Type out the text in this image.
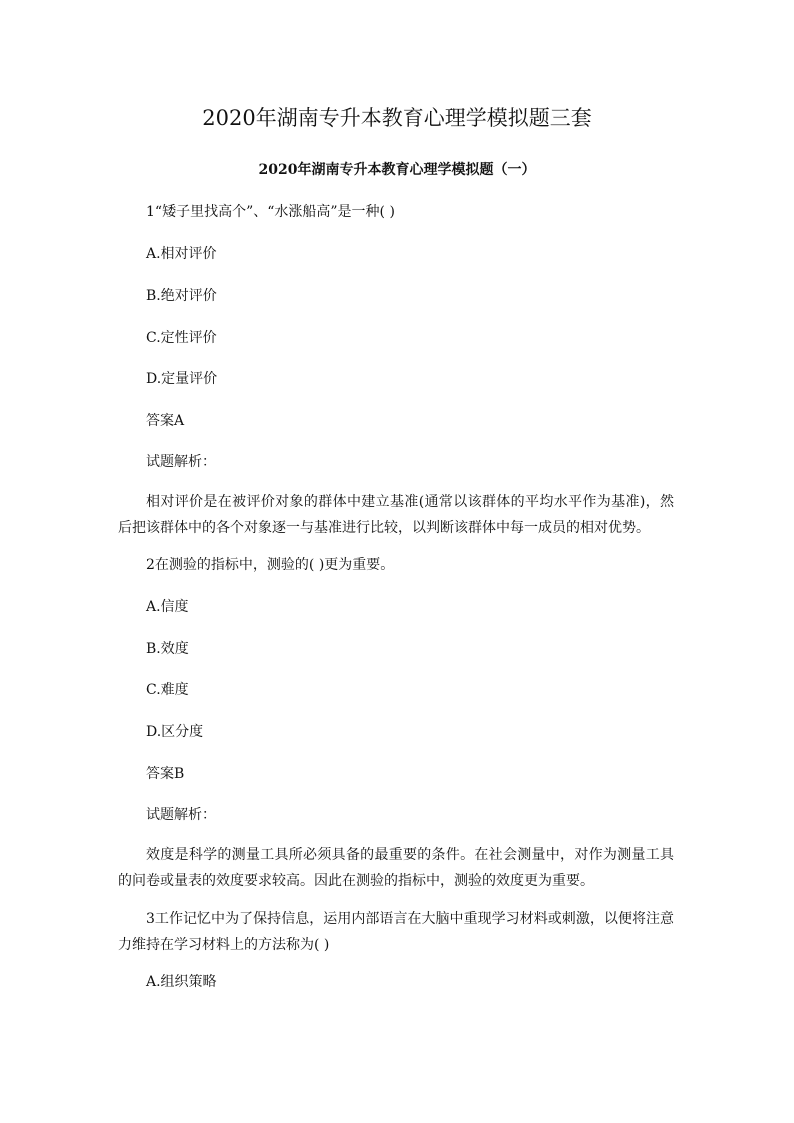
2020年湖南专升本教育心理学模拟题三套
2020年湖南专升本教育心理学模拟题（一）
1“矮子里找高个”、“水涨船高”是一种( )
A.相对评价
B.绝对评价
C.定性评价
D.定量评价
答案A
试题解析：
相对评价是在被评价对象的群体中建立基准(通常以该群体的平均水平作为基准)，然后把该群体中的各个对象逐一与基准进行比较，以判断该群体中每一成员的相对优势。
2在测验的指标中，测验的( )更为重要。
A.信度
B.效度
C.难度
D.区分度
答案B
试题解析：
效度是科学的测量工具所必须具备的最重要的条件。在社会测量中，对作为测量工具的问卷或量表的效度要求较高。因此在测验的指标中，测验的效度更为重要。
3工作记忆中为了保持信息，运用内部语言在大脑中重现学习材料或刺激，以便将注意力维持在学习材料上的方法称为( )
A.组织策略
